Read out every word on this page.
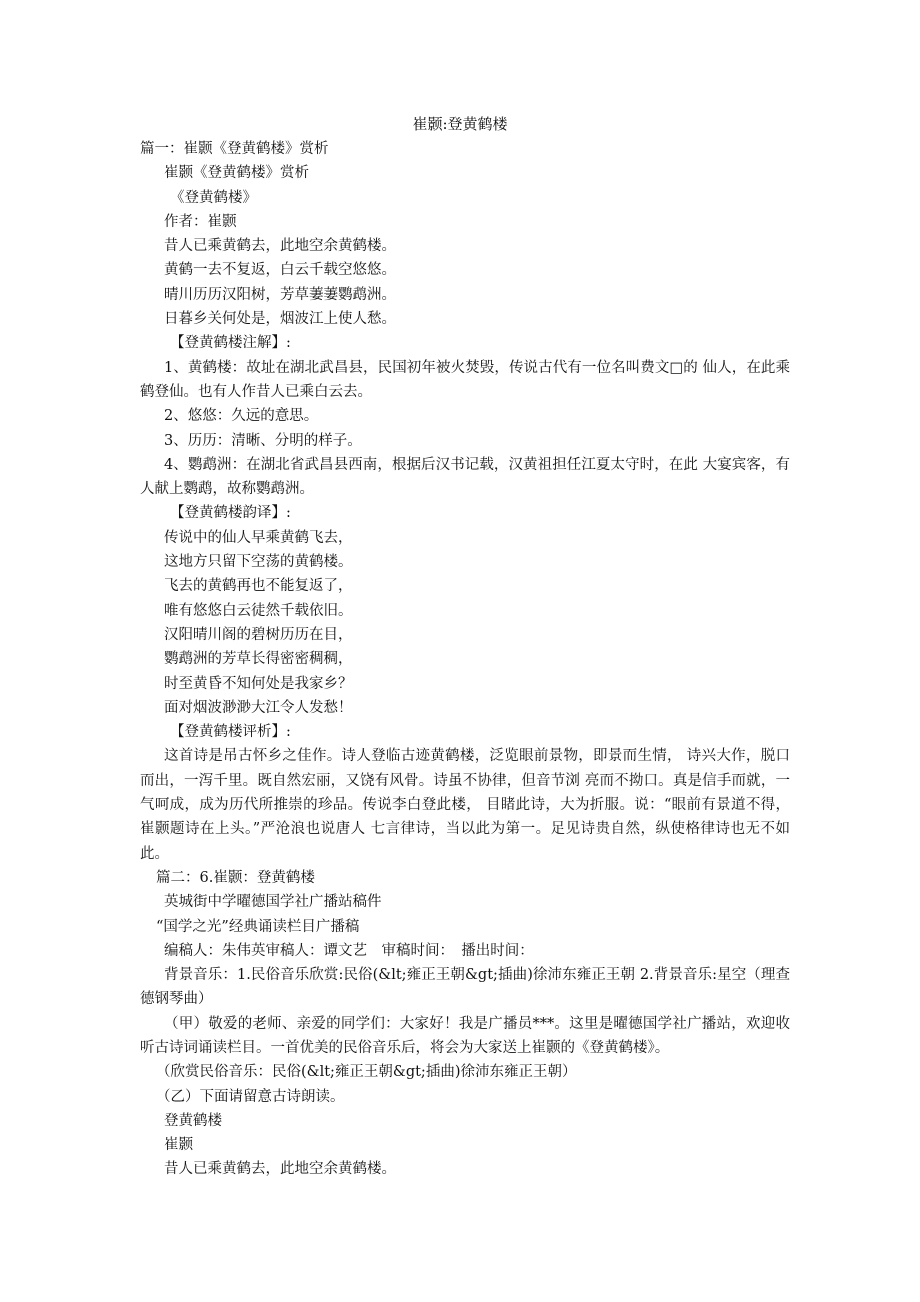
崔颢:登黄鹤楼
篇一：崔颢《登黄鹤楼》赏析
崔颢《登黄鹤楼》赏析
《登黄鹤楼》
作者：崔颢
昔人已乘黄鹤去，此地空余黄鹤楼。
黄鹤一去不复返，白云千载空悠悠。
晴川历历汉阳树，芳草萋萋鹦鹉洲。
日暮乡关何处是，烟波江上使人愁。
【登黄鹤楼注解】:
1、黄鹤楼：故址在湖北武昌县，民国初年被火焚毁，传说古代有一位名叫费文□的 仙人，在此乘鹤登仙。也有人作昔人已乘白云去。
2、悠悠：久远的意思。
3、历历：清晰、分明的样子。
4、鹦鹉洲：在湖北省武昌县西南，根据后汉书记载，汉黄祖担任江夏太守时，在此 大宴宾客，有人献上鹦鹉，故称鹦鹉洲。
【登黄鹤楼韵译】:
传说中的仙人早乘黄鹤飞去，
这地方只留下空荡的黄鹤楼。
飞去的黄鹤再也不能复返了，
唯有悠悠白云徒然千载依旧。
汉阳晴川阁的碧树历历在目，
鹦鹉洲的芳草长得密密稠稠，
时至黄昏不知何处是我家乡？
面对烟波渺渺大江令人发愁！
【登黄鹤楼评析】:
这首诗是吊古怀乡之佳作。诗人登临古迹黄鹤楼，泛览眼前景物，即景而生情， 诗兴大作，脱口而出，一泻千里。既自然宏丽，又饶有风骨。诗虽不协律，但音节浏 亮而不拗口。真是信手而就，一气呵成，成为历代所推崇的珍品。传说李白登此楼， 目睹此诗，大为折服。说：“眼前有景道不得，崔颢题诗在上头。”严沧浪也说唐人 七言律诗，当以此为第一。足见诗贵自然，纵使格律诗也无不如此。
篇二：6.崔颢：登黄鹤楼
英城街中学曜德国学社广播站稿件
“国学之光”经典诵读栏目广播稿
编稿人：朱伟英审稿人：谭文艺　审稿时间：　播出时间：
背景音乐：1.民俗音乐欣赏:民俗(&lt;雍正王朝&gt;插曲)徐沛东雍正王朝 2.背景音乐:星空（理查德钢琴曲）
（甲）敬爱的老师、亲爱的同学们：大家好！我是广播员***。这里是曜德国学社广播站，欢迎收听古诗词诵读栏目。一首优美的民俗音乐后，将会为大家送上崔颢的《登黄鹤楼》。
（欣赏民俗音乐：民俗(&lt;雍正王朝&gt;插曲)徐沛东雍正王朝）
（乙）下面请留意古诗朗读。
登黄鹤楼
崔颢
昔人已乘黄鹤去，此地空余黄鹤楼。
